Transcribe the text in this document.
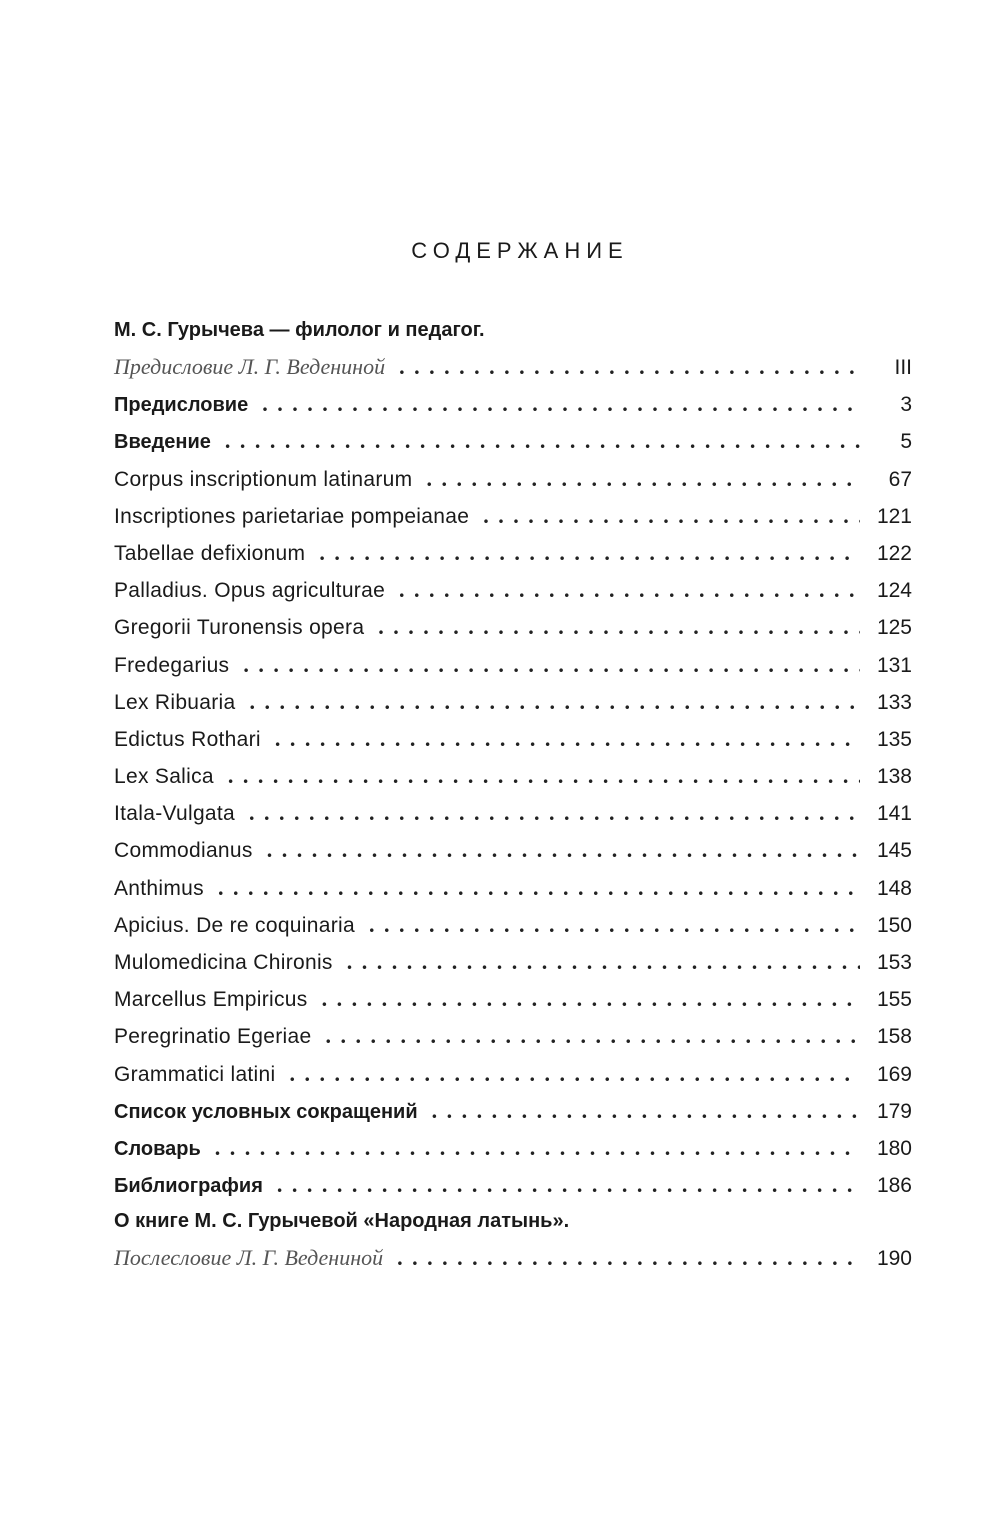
СОДЕРЖАНИЕ
М. С. Гурычева — филолог и педагог.
Предисловие Л. Г. Ведениной . . .	III
Предисловие . . .	3
Введение . . .	5
Corpus inscriptionum latinarum . . .	67
Inscriptiones parietariae pompeianae . . .	121
Tabellae defixionum . . .	122
Palladius. Opus agriculturae . . .	124
Gregorii Turonensis opera . . .	125
Fredegarius . . .	131
Lex Ribuaria . . .	133
Edictus Rothari . . .	135
Lex Salica . . .	138
Itala-Vulgata . . .	141
Commodianus . . .	145
Anthimus . . .	148
Apicius. De re coquinaria . . .	150
Mulomedicina Chironis . . .	153
Marcellus Empiricus . . .	155
Peregrinatio Egeriae . . .	158
Grammatici latini . . .	169
Список условных сокращений . . .	179
Словарь . . .	180
Библиография . . .	186
О книге М. С. Гурычевой «Народная латынь».
Послесловие Л. Г. Ведениной . . .	190
